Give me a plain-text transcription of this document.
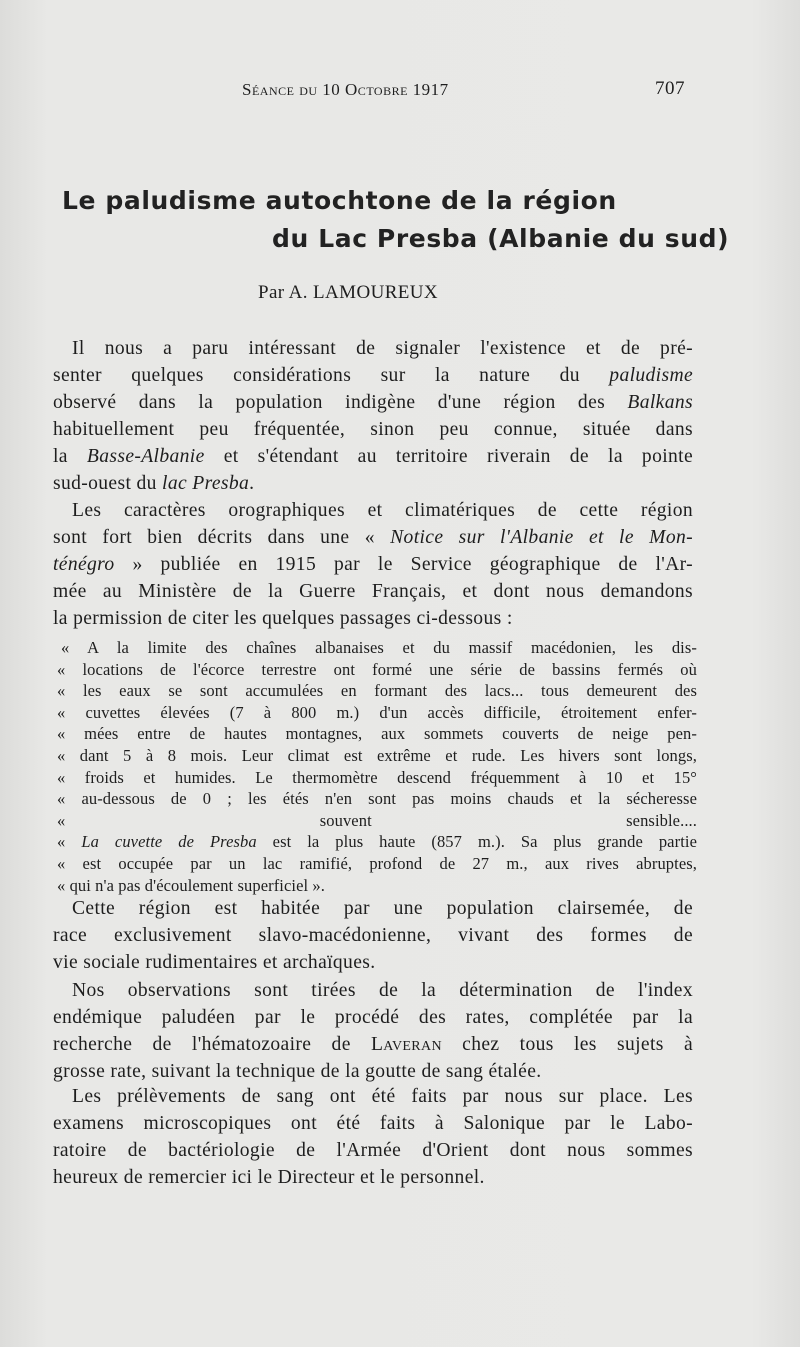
Séance du 10 Octobre 1917	707
Le paludisme autochtone de la région
du Lac Presba (Albanie du sud)
Par A. LAMOUREUX
Il nous a paru intéressant de signaler l'existence et de pré-
senter quelques considérations sur la nature du paludisme
observé dans la population indigène d'une région des Balkans
habituellement peu fréquentée, sinon peu connue, située dans
la Basse-Albanie et s'étendant au territoire riverain de la pointe
sud-ouest du lac Presba.
Les caractères orographiques et climatériques de cette région
sont fort bien décrits dans une « Notice sur l'Albanie et le Mon-
ténégro » publiée en 1915 par le Service géographique de l'Ar-
mée au Ministère de la Guerre Français, et dont nous demandons
la permission de citer les quelques passages ci-dessous :
« A la limite des chaînes albanaises et du massif macédonien, les dis-
« locations de l'écorce terrestre ont formé une série de bassins fermés où
« les eaux se sont accumulées en formant des lacs... tous demeurent des
« cuvettes élevées (7 à 800 m.) d'un accès difficile, étroitement enfer-
« mées entre de hautes montagnes, aux sommets couverts de neige pen-
« dant 5 à 8 mois. Leur climat est extrême et rude. Les hivers sont longs,
« froids et humides. Le thermomètre descend fréquemment à 10 et 15°
« au-dessous de 0 ; les étés n'en sont pas moins chauds et la sécheresse
« souvent sensible....
« La cuvette de Presba est la plus haute (857 m.). Sa plus grande partie
« est occupée par un lac ramifié, profond de 27 m., aux rives abruptes,
« qui n'a pas d'écoulement superficiel ».
Cette région est habitée par une population clairsemée, de
race exclusivement slavo-macédonienne, vivant des formes de
vie sociale rudimentaires et archaïques.
Nos observations sont tirées de la détermination de l'index
endémique paludéen par le procédé des rates, complétée par la
recherche de l'hématozoaire de Laveran chez tous les sujets à
grosse rate, suivant la technique de la goutte de sang étalée.
Les prélèvements de sang ont été faits par nous sur place. Les
examens microscopiques ont été faits à Salonique par le Labo-
ratoire de bactériologie de l'Armée d'Orient dont nous sommes
heureux de remercier ici le Directeur et le personnel.
